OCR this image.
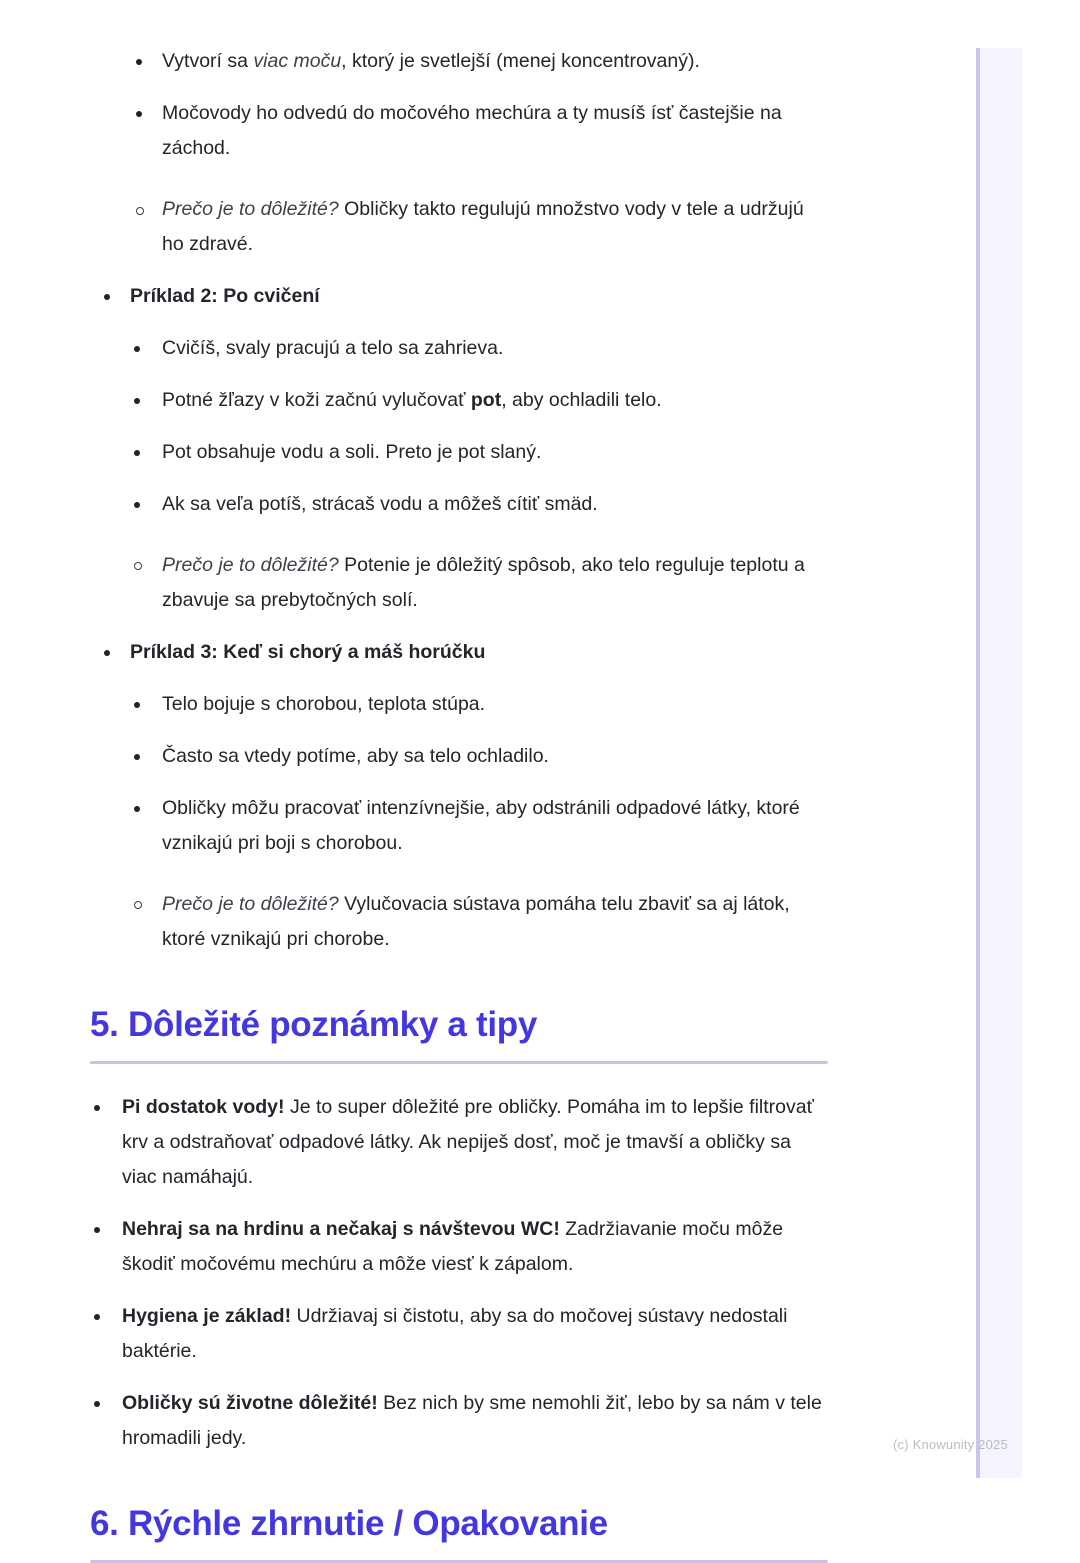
Vytvorí sa viac moču, ktorý je svetlejší (menej koncentrovaný).
Močovody ho odvedú do močového mechúra a ty musíš ísť častejšie na záchod.
Prečo je to dôležité? Obličky takto regulujú množstvo vody v tele a udržujú ho zdravé.
Príklad 2: Po cvičení
Cvičíš, svaly pracujú a telo sa zahrieva.
Potné žľazy v koži začnú vylučovať pot, aby ochladili telo.
Pot obsahuje vodu a soli. Preto je pot slaný.
Ak sa veľa potíš, strácaš vodu a môžeš cítiť smäd.
Prečo je to dôležité? Potenie je dôležitý spôsob, ako telo reguluje teplotu a zbavuje sa prebytočných solí.
Príklad 3: Keď si chorý a máš horúčku
Telo bojuje s chorobou, teplota stúpa.
Často sa vtedy potíme, aby sa telo ochladilo.
Obličky môžu pracovať intenzívnejšie, aby odstránili odpadové látky, ktoré vznikajú pri boji s chorobou.
Prečo je to dôležité? Vylučovacia sústava pomáha telu zbaviť sa aj látok, ktoré vznikajú pri chorobe.
5. Dôležité poznámky a tipy
Pi dostatok vody! Je to super dôležité pre obličky. Pomáha im to lepšie filtrovať krv a odstraňovať odpadové látky. Ak nepiješ dosť, moč je tmavší a obličky sa viac namáhajú.
Nehraj sa na hrdinu a nečakaj s návštevou WC! Zadržiavanie moču môže škodiť močovému mechúru a môže viesť k zápalom.
Hygiena je základ! Udržiavaj si čistotu, aby sa do močovej sústavy nedostali baktérie.
Obličky sú životne dôležité! Bez nich by sme nemohli žiť, lebo by sa nám v tele hromadili jedy.
6. Rýchle zhrnutie / Opakovanie
(c) Knowunity 2025
